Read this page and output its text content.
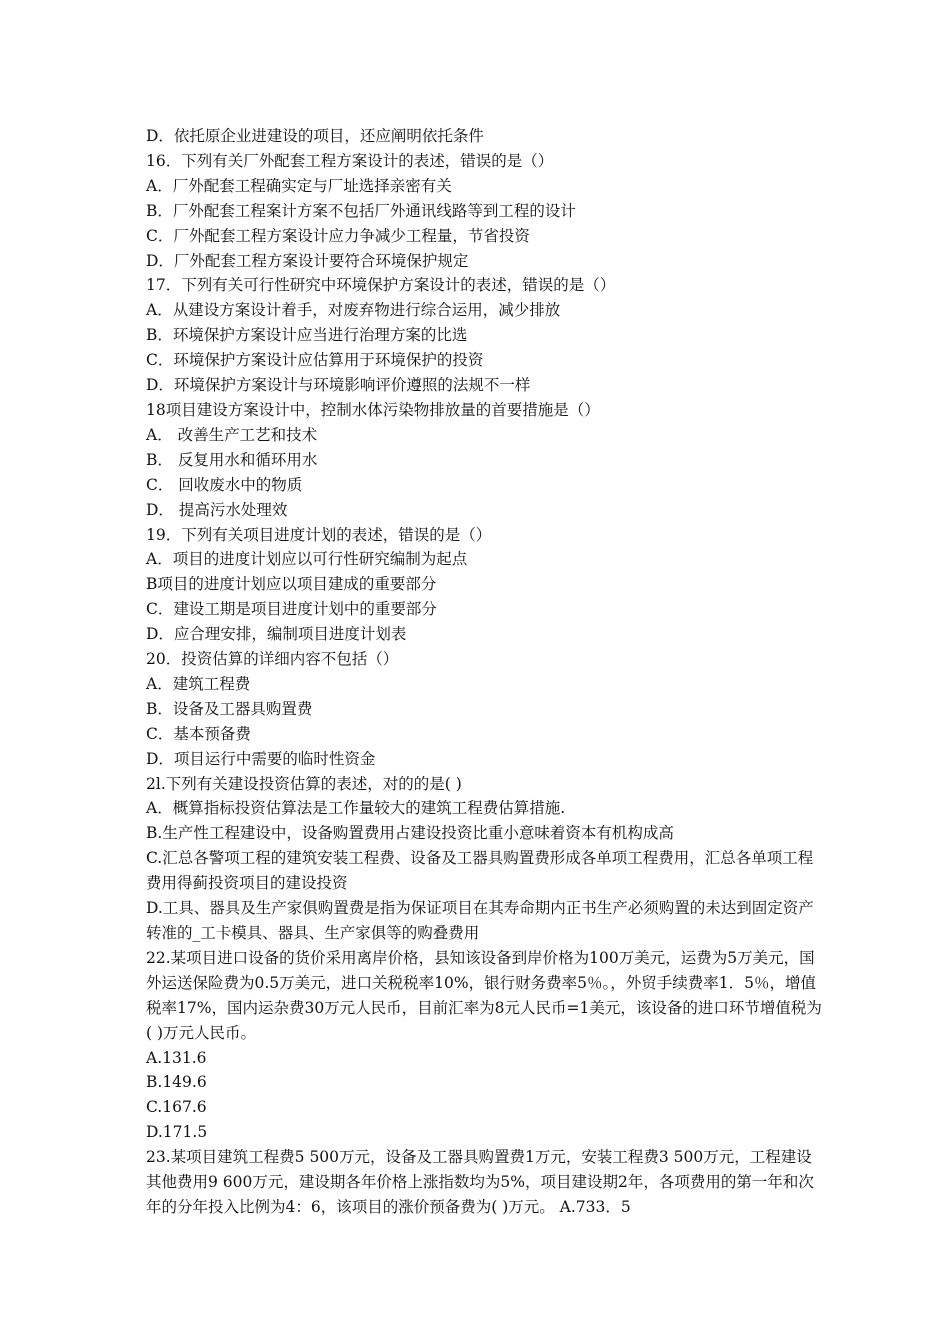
D．依托原企业进建设的项目，还应阐明依托条件
16．下列有关厂外配套工程方案设计的表述，错误的是（）
A．厂外配套工程确实定与厂址选择亲密有关
B．厂外配套工程案计方案不包括厂外通讯线路等到工程的设计
C．厂外配套工程方案设计应力争减少工程量，节省投资
D．厂外配套工程方案设计要符合环境保护规定
17．下列有关可行性研究中环境保护方案设计的表述，错误的是（）
A．从建设方案设计着手，对废弃物进行综合运用，减少排放
B．环境保护方案设计应当进行治理方案的比选
C．环境保护方案设计应估算用于环境保护的投资
D．环境保护方案设计与环境影响评价遵照的法规不一样
18项目建设方案设计中，控制水体污染物排放量的首要措施是（）
A． 改善生产工艺和技术
B． 反复用水和循环用水
C． 回收废水中的物质
D． 提高污水处理效
19．下列有关项目进度计划的表述，错误的是（）
A．项目的进度计划应以可行性研究编制为起点
B项目的进度计划应以项目建成的重要部分
C．建设工期是项目进度计划中的重要部分
D．应合理安排，编制项目进度计划表
20．投资估算的详细内容不包括（）
A．建筑工程费
B．设备及工器具购置费
C．基本预备费
D．项目运行中需要的临时性资金
2l.下列有关建设投资估算的表述，对的的是( )
A．概算指标投资估算法是工作量较大的建筑工程费估算措施.
B.生产性工程建设中，设备购置费用占建设投资比重小意味着资本有机构成高
C.汇总各警项工程的建筑安装工程费、设备及工器具购置费形成各单项工程费用，汇总各单项工程费用得蓟投资项目的建设投资
D.工具、器具及生产家俱购置费是指为保证项目在其寿命期内正书生产必须购置的未达到固定资产转准的_工卡模具、器具、生产家俱等的购叠费用
22.某项目进口设备的货价采用离岸价格，县知该设备到岸价格为100万美元，运费为5万美元，国外运送保险费为0.5万美元，进口关税税率10%，银行财务费率5％。，外贸手续费率1．5％，增值税率17%，国内运杂费30万元人民币，目前汇率为8元人民币=1美元，该设备的进口环节增值税为( )万元人民币。
A.131.6
B.149.6
C.167.6
D.171.5
23.某项目建筑工程费5 500万元，设备及工器具购置费1万元，安装工程费3 500万元，工程建设其他费用9 600万元，建设期各年价格上涨指数均为5%，项目建设期2年，各项费用的第一年和次年的分年投入比例为4：6，该项目的涨价预备费为( )万元。 A.733．5
